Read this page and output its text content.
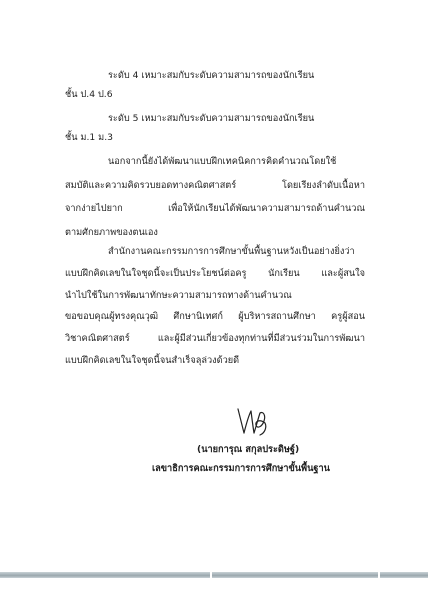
ระดับ 4 เหมาะสมกับระดับความสามารถของนักเรียน
ชั้น ป.4 ป.6
ระดับ 5 เหมาะสมกับระดับความสามารถของนักเรียน
ชั้น ม.1 ม.3
นอกจากนี้ยังได้พัฒนาแบบฝึกเทคนิคการคิดคำนวณโดยใช้
สมบัติและความคิดรวบยอดทางคณิตศาสตร์ โดยเรียงลำดับเนื้อหา
จากง่ายไปยาก เพื่อให้นักเรียนได้พัฒนาความสามารถด้านคำนวณ
ตามศักยภาพของตนเอง
สำนักงานคณะกรรมการการศึกษาขั้นพื้นฐานหวังเป็นอย่างยิ่งว่า
แบบฝึกคิดเลขในใจชุดนี้จะเป็นประโยชน์ต่อครู นักเรียน และผู้สนใจ
นำไปใช้ในการพัฒนาทักษะความสามารถทางด้านคำนวณ
ขอขอบคุณผู้ทรงคุณวุฒิ ศึกษานิเทศก์ ผู้บริหารสถานศึกษา ครูผู้สอน
วิชาคณิตศาสตร์ และผู้มีส่วนเกี่ยวข้องทุกท่านที่มีส่วนร่วมในการพัฒนา
แบบฝึกคิดเลขในใจชุดนี้จนสำเร็จลุล่วงด้วยดี
(นายการุณ สกุลประดิษฐ์)
เลขาธิการคณะกรรมการการศึกษาขั้นพื้นฐาน
